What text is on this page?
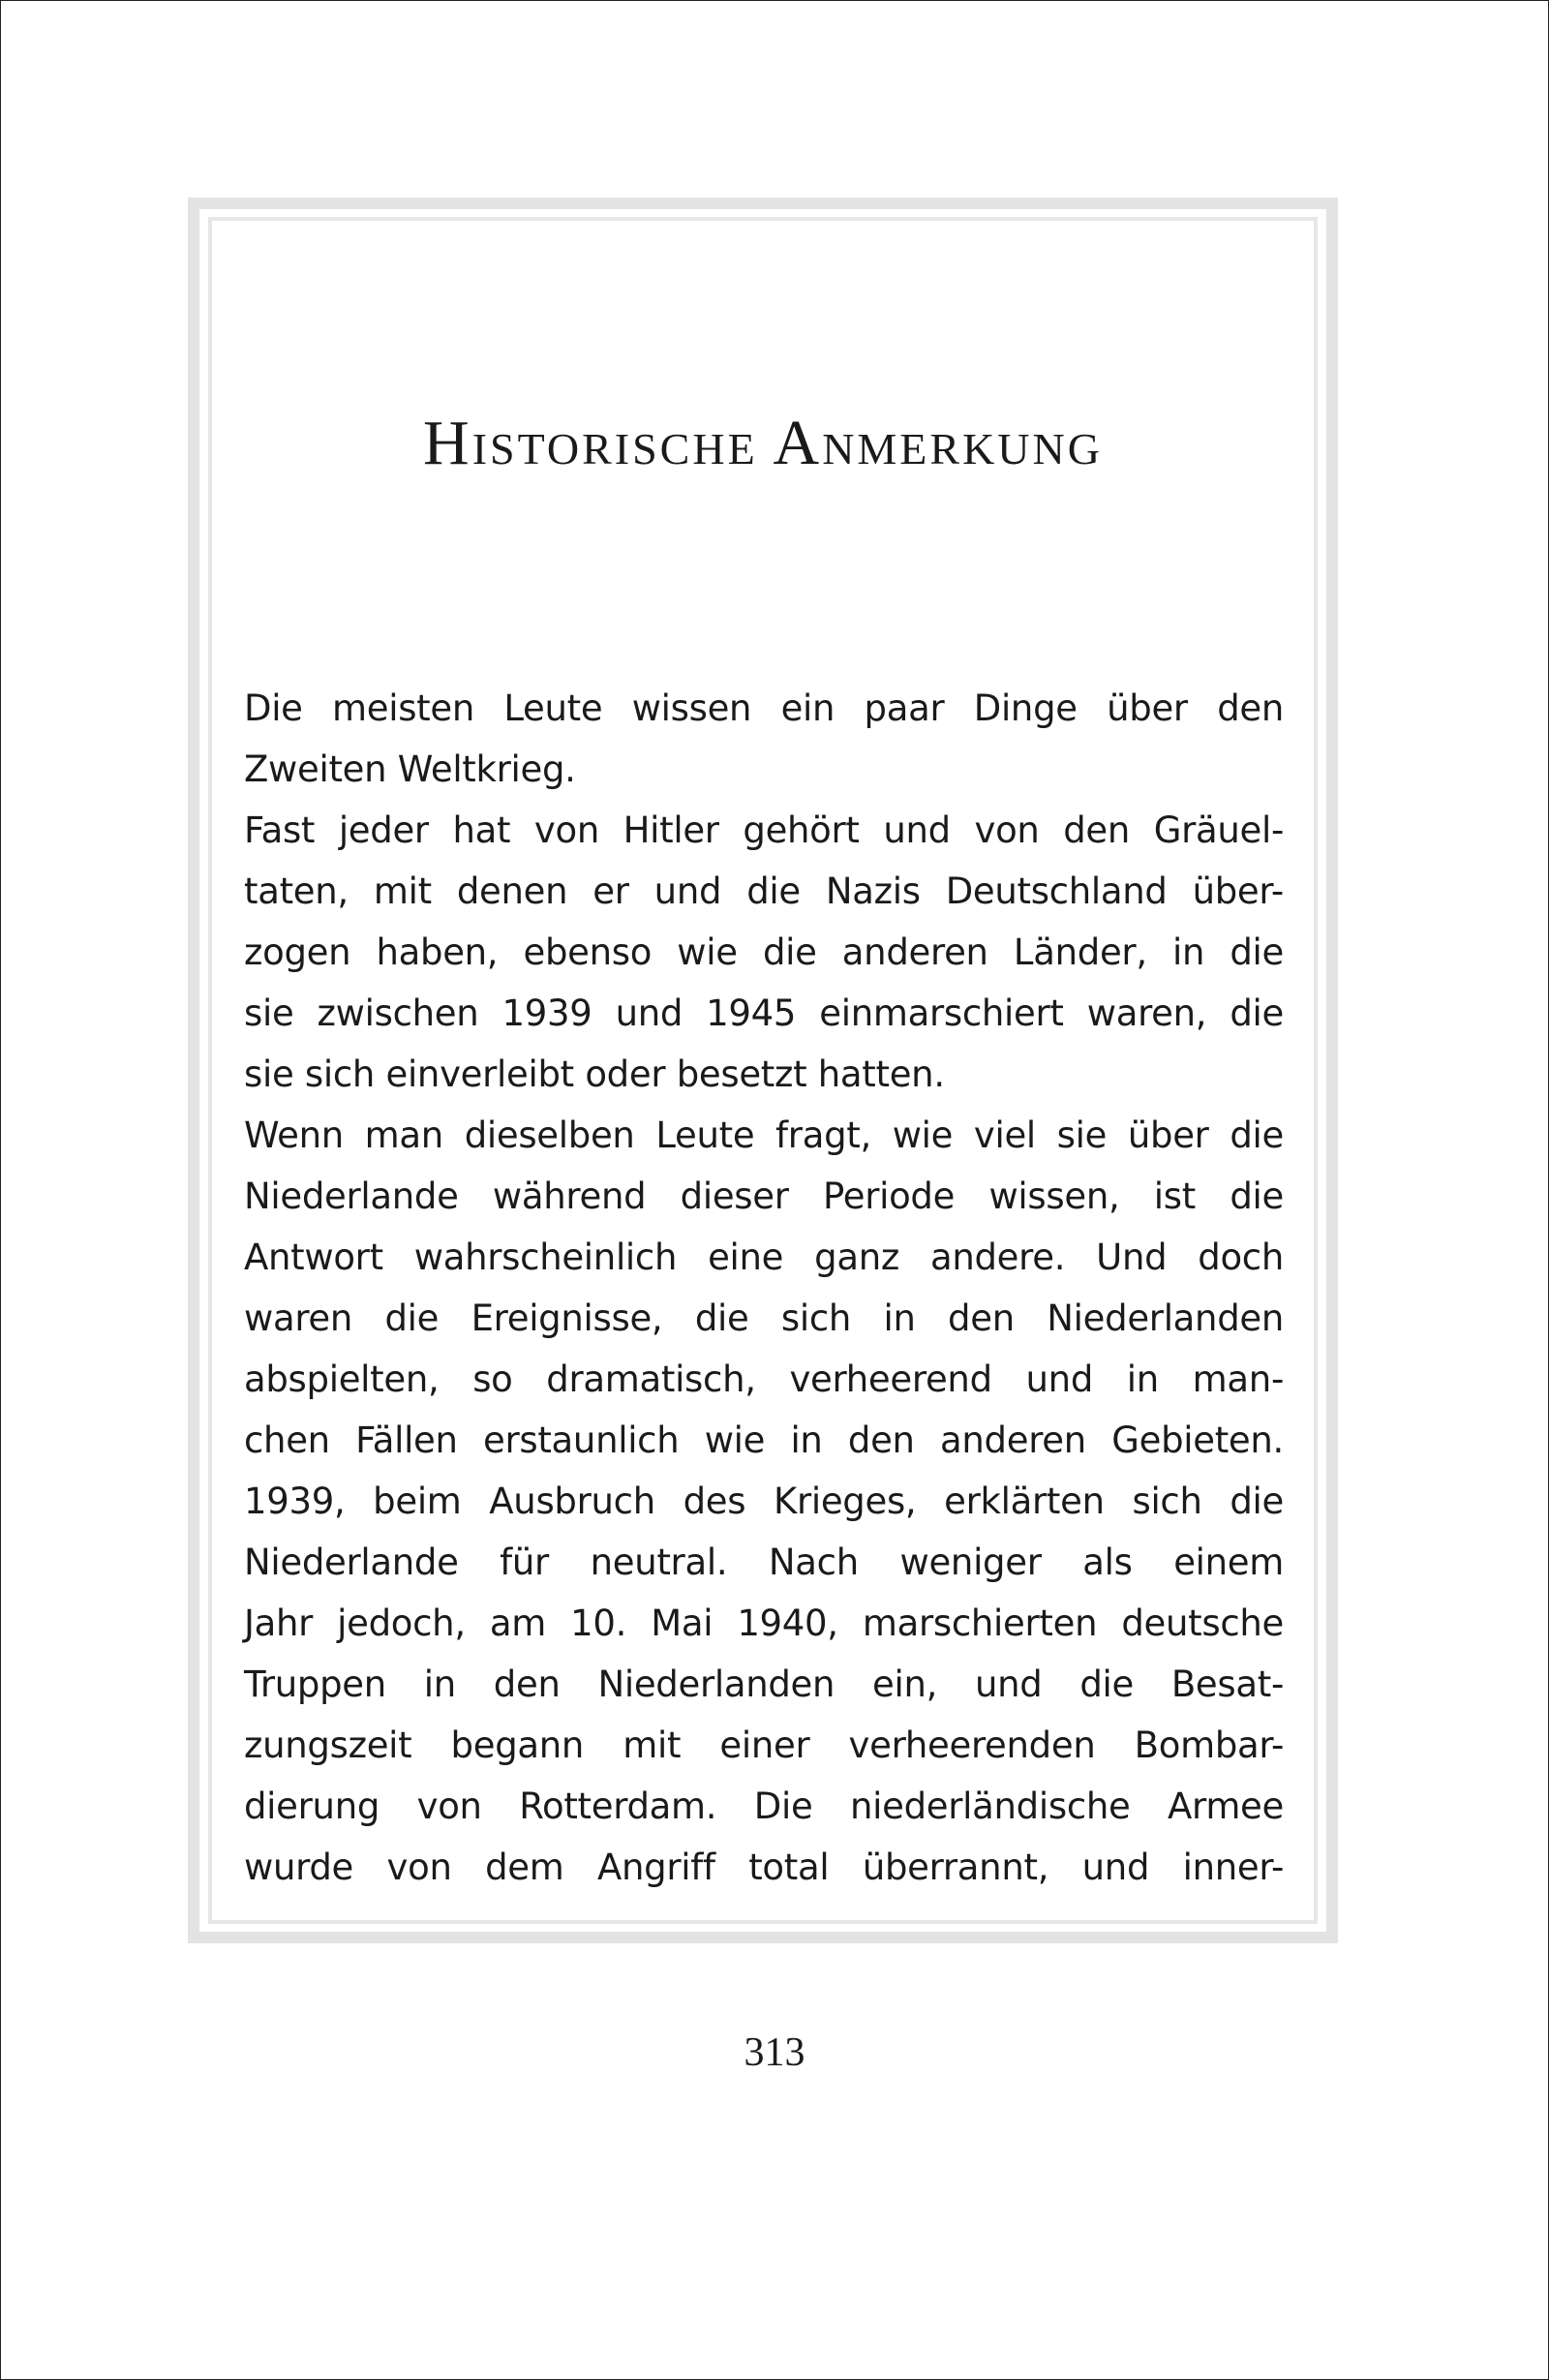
Historische Anmerkung
Die meisten Leute wissen ein paar Dinge über den
Zweiten Weltkrieg.
Fast jeder hat von Hitler gehört und von den Gräuel-
taten, mit denen er und die Nazis Deutschland über-
zogen haben, ebenso wie die anderen Länder, in die
sie zwischen 1939 und 1945 einmarschiert waren, die
sie sich einverleibt oder besetzt hatten.
Wenn man dieselben Leute fragt, wie viel sie über die
Niederlande während dieser Periode wissen, ist die
Antwort wahrscheinlich eine ganz andere. Und doch
waren die Ereignisse, die sich in den Niederlanden
abspielten, so dramatisch, verheerend und in man-
chen Fällen erstaunlich wie in den anderen Gebieten.
1939, beim Ausbruch des Krieges, erklärten sich die
Niederlande für neutral. Nach weniger als einem
Jahr jedoch, am 10. Mai 1940, marschierten deutsche
Truppen in den Niederlanden ein, und die Besat-
zungszeit begann mit einer verheerenden Bombar-
dierung von Rotterdam. Die niederländische Armee
wurde von dem Angriff total überrannt, und inner-
313
